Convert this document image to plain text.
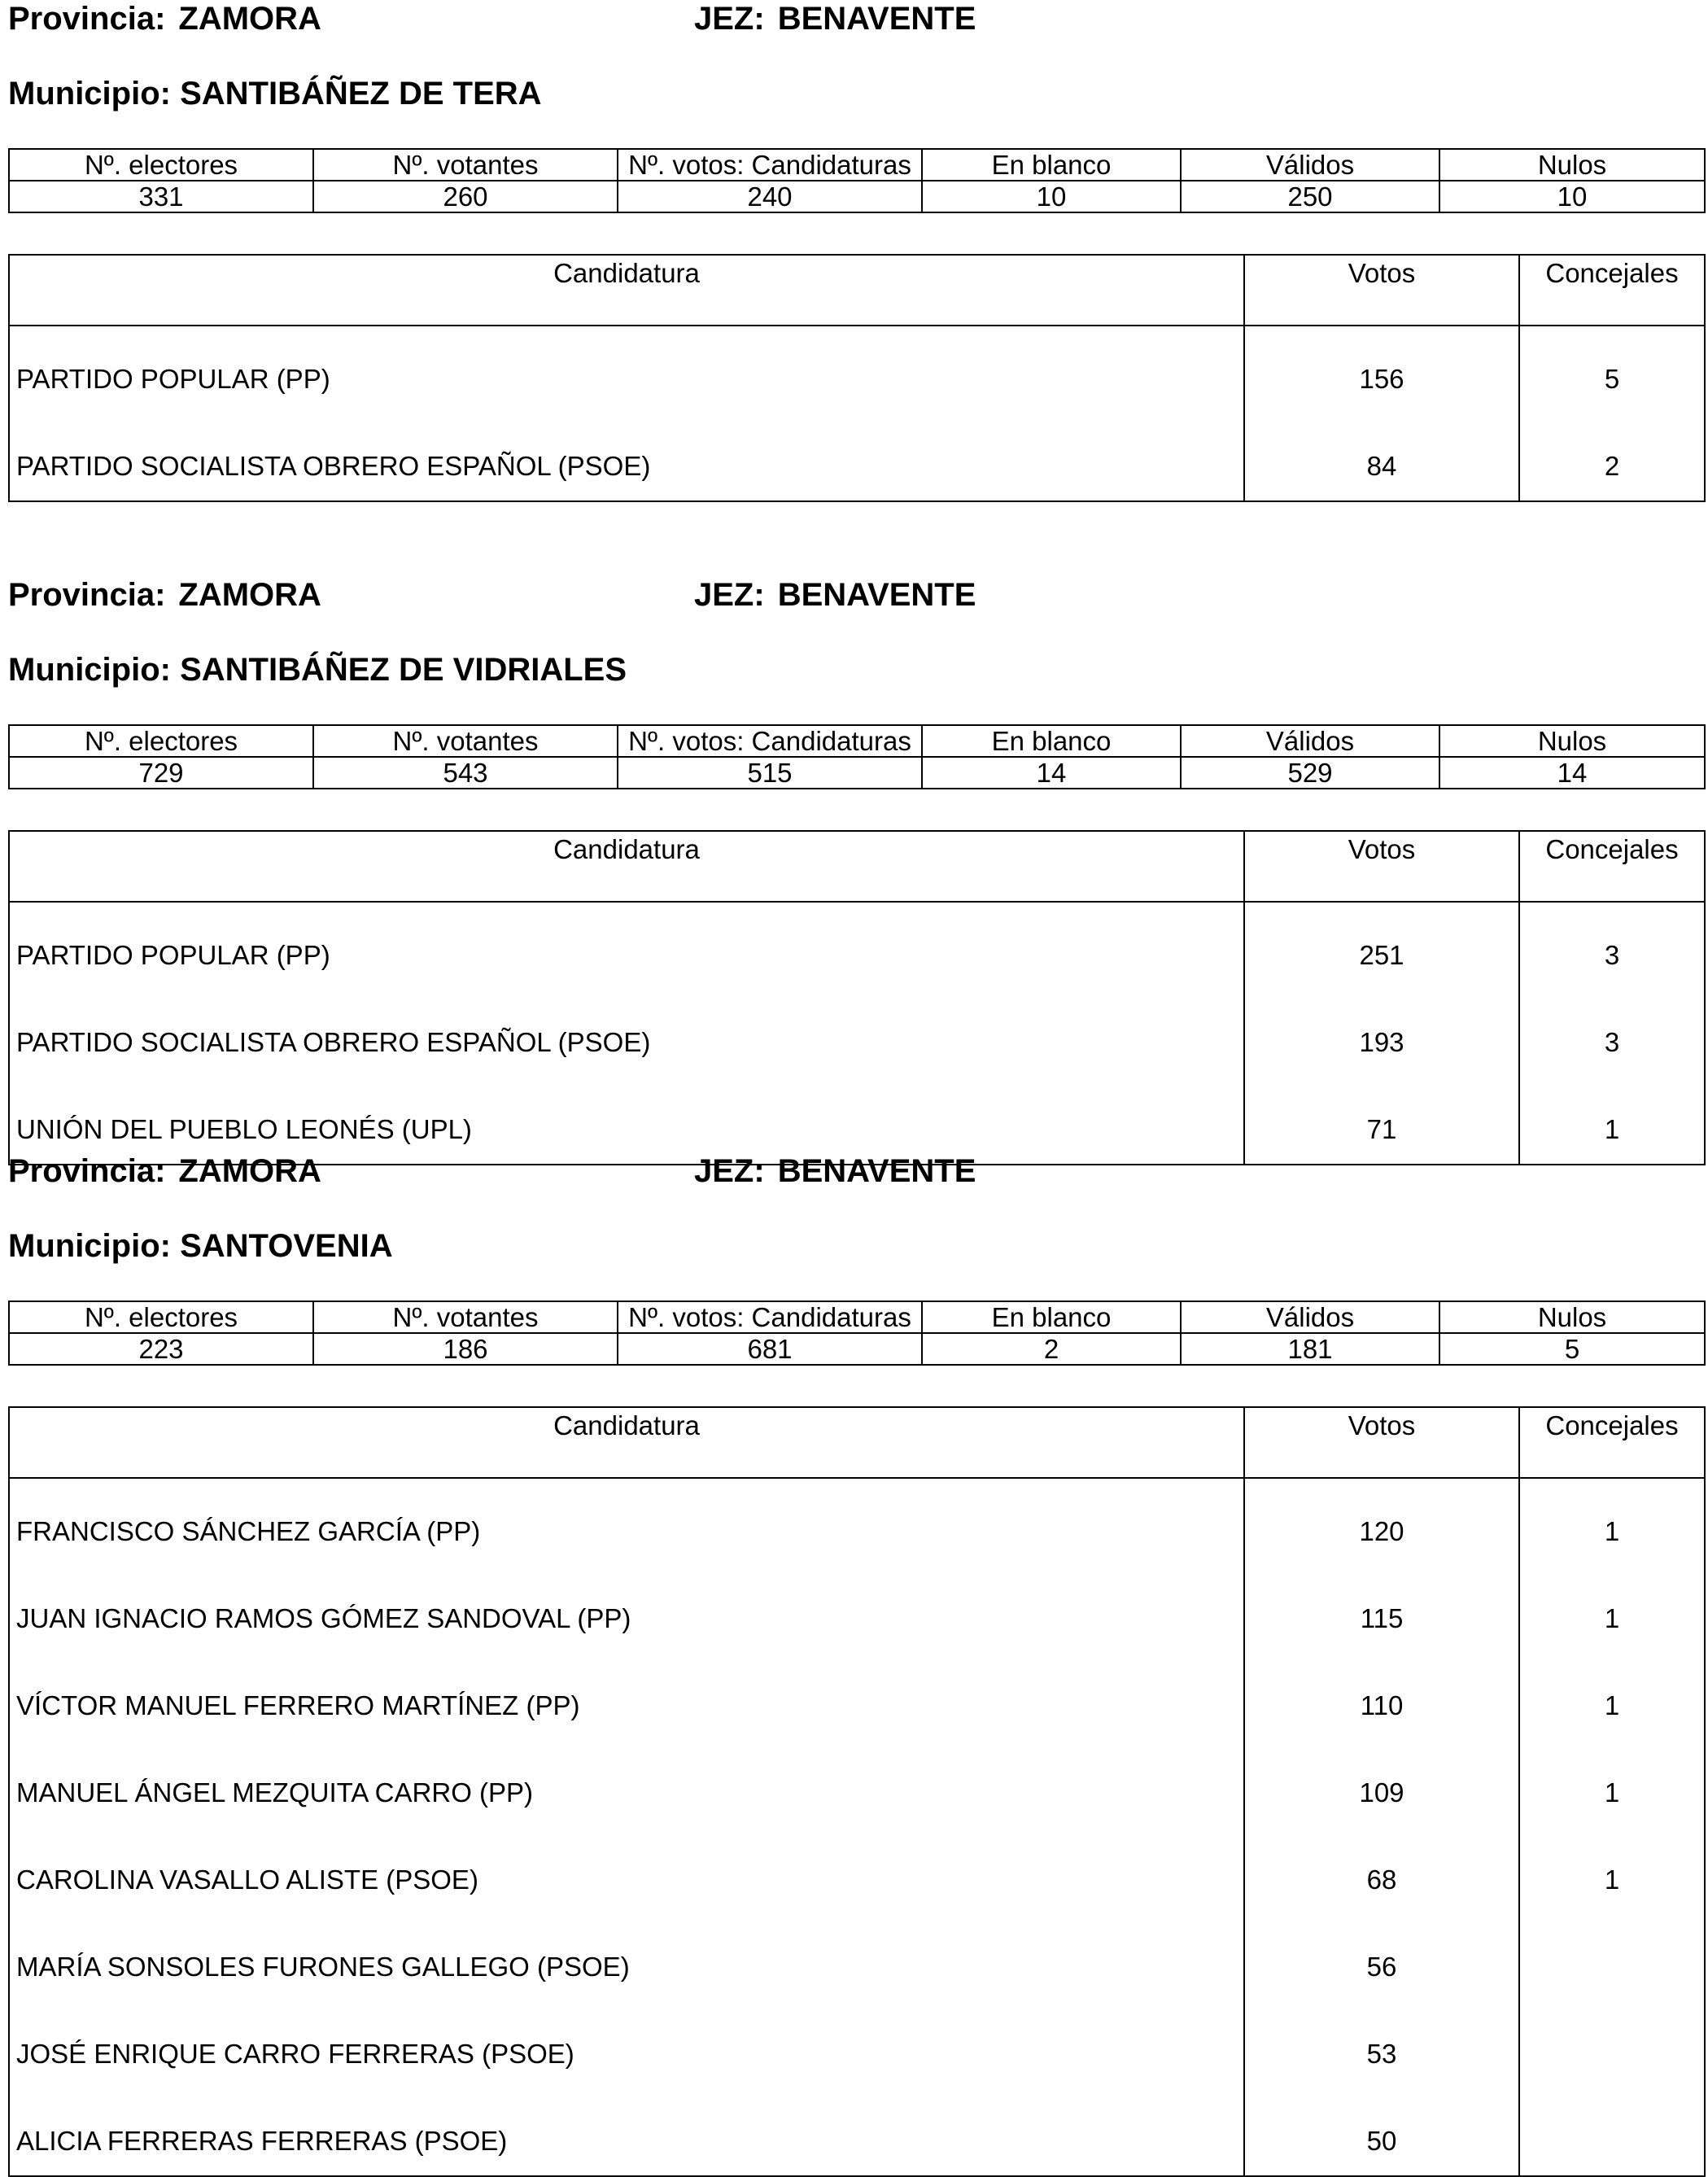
Provincia: ZAMORA	JEZ: BENAVENTE
Municipio: SANTIBÁÑEZ DE TERA
Nº. electores	Nº. votantes	Nº. votos: Candidaturas	En blanco	Válidos	Nulos
331	260	240	10	250	10
Candidatura	Votos	Concejales
PARTIDO POPULAR (PP)	156	5
PARTIDO SOCIALISTA OBRERO ESPAÑOL (PSOE)	84	2
Provincia: ZAMORA	JEZ: BENAVENTE
Municipio: SANTIBÁÑEZ DE VIDRIALES
Nº. electores	Nº. votantes	Nº. votos: Candidaturas	En blanco	Válidos	Nulos
729	543	515	14	529	14
Candidatura	Votos	Concejales
PARTIDO POPULAR (PP)	251	3
PARTIDO SOCIALISTA OBRERO ESPAÑOL (PSOE)	193	3
UNIÓN DEL PUEBLO LEONÉS (UPL)	71	1
Provincia: ZAMORA	JEZ: BENAVENTE
Municipio: SANTOVENIA
Nº. electores	Nº. votantes	Nº. votos: Candidaturas	En blanco	Válidos	Nulos
223	186	681	2	181	5
Candidatura	Votos	Concejales
FRANCISCO SÁNCHEZ GARCÍA (PP)	120	1
JUAN IGNACIO RAMOS GÓMEZ SANDOVAL (PP)	115	1
VÍCTOR MANUEL FERRERO MARTÍNEZ (PP)	110	1
MANUEL ÁNGEL MEZQUITA CARRO (PP)	109	1
CAROLINA VASALLO ALISTE (PSOE)	68	1
MARÍA SONSOLES FURONES GALLEGO (PSOE)	56	
JOSÉ ENRIQUE CARRO FERRERAS (PSOE)	53	
ALICIA FERRERAS FERRERAS (PSOE)	50	
